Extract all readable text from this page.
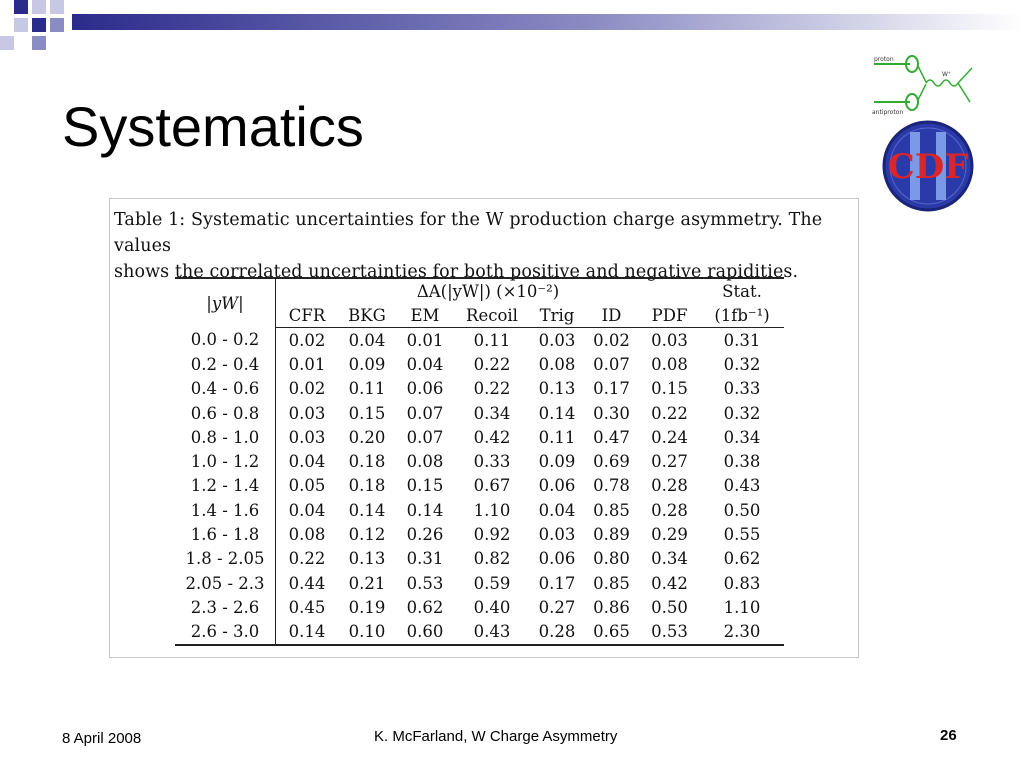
Systematics
proton
antiproton
W⁺
CDF
Table 1: Systematic uncertainties for the W production charge asymmetry. The values
shows the correlated uncertainties for both positive and negative rapidities.
|yW|	ΔA(|yW|) (×10⁻²)							Stat.
	CFR	BKG	EM	Recoil	Trig	ID	PDF	(1fb⁻¹)
0.0 - 0.2	0.02	0.04	0.01	0.11	0.03	0.02	0.03	0.31
0.2 - 0.4	0.01	0.09	0.04	0.22	0.08	0.07	0.08	0.32
0.4 - 0.6	0.02	0.11	0.06	0.22	0.13	0.17	0.15	0.33
0.6 - 0.8	0.03	0.15	0.07	0.34	0.14	0.30	0.22	0.32
0.8 - 1.0	0.03	0.20	0.07	0.42	0.11	0.47	0.24	0.34
1.0 - 1.2	0.04	0.18	0.08	0.33	0.09	0.69	0.27	0.38
1.2 - 1.4	0.05	0.18	0.15	0.67	0.06	0.78	0.28	0.43
1.4 - 1.6	0.04	0.14	0.14	1.10	0.04	0.85	0.28	0.50
1.6 - 1.8	0.08	0.12	0.26	0.92	0.03	0.89	0.29	0.55
1.8 - 2.05	0.22	0.13	0.31	0.82	0.06	0.80	0.34	0.62
2.05 - 2.3	0.44	0.21	0.53	0.59	0.17	0.85	0.42	0.83
2.3 - 2.6	0.45	0.19	0.62	0.40	0.27	0.86	0.50	1.10
2.6 - 3.0	0.14	0.10	0.60	0.43	0.28	0.65	0.53	2.30
8 April 2008	K. McFarland, W Charge Asymmetry	26
